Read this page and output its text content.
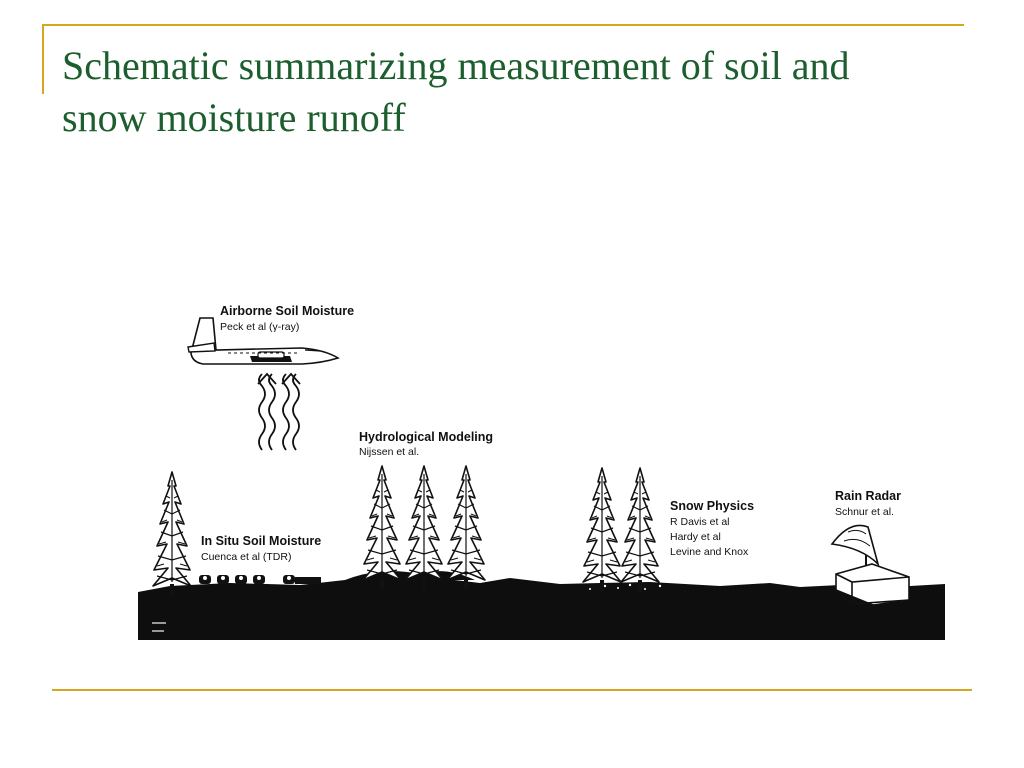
Schematic summarizing measurement of soil and
snow moisture runoff
Airborne Soil Moisture
Peck et al (γ-ray)
Hydrological Modeling
Nijssen et al.
In Situ Soil Moisture
Cuenca et al (TDR)
Snow Physics
R Davis et al
Hardy et al
Levine and Knox
Rain Radar
Schnur et al.
